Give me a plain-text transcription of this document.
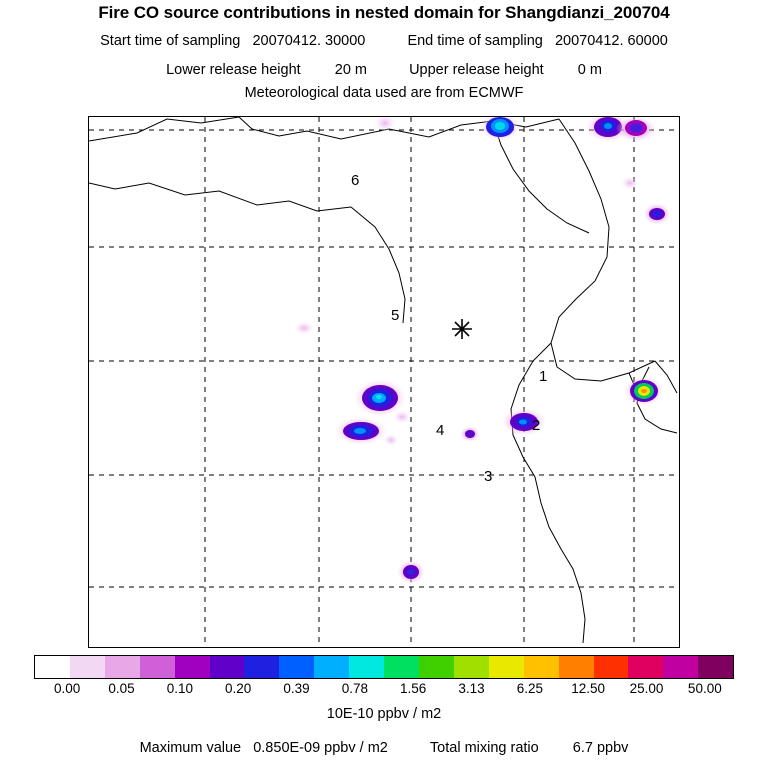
Fire CO source contributions in nested domain for Shangdianzi_200704
Start time of sampling 20070412. 30000	End time of sampling 20070412. 60000
Lower release height 20 m	Upper release height 0 m
Meteorological data used are from ECMWF
6
5
1
4	2
3
0.00 0.05 0.10 0.20 0.39 0.78 1.56 3.13 6.25 12.50 25.00 50.00
10E-10 ppbv / m2
Maximum value 0.850E-09 ppbv / m2	Total mixing ratio 6.7 ppbv
